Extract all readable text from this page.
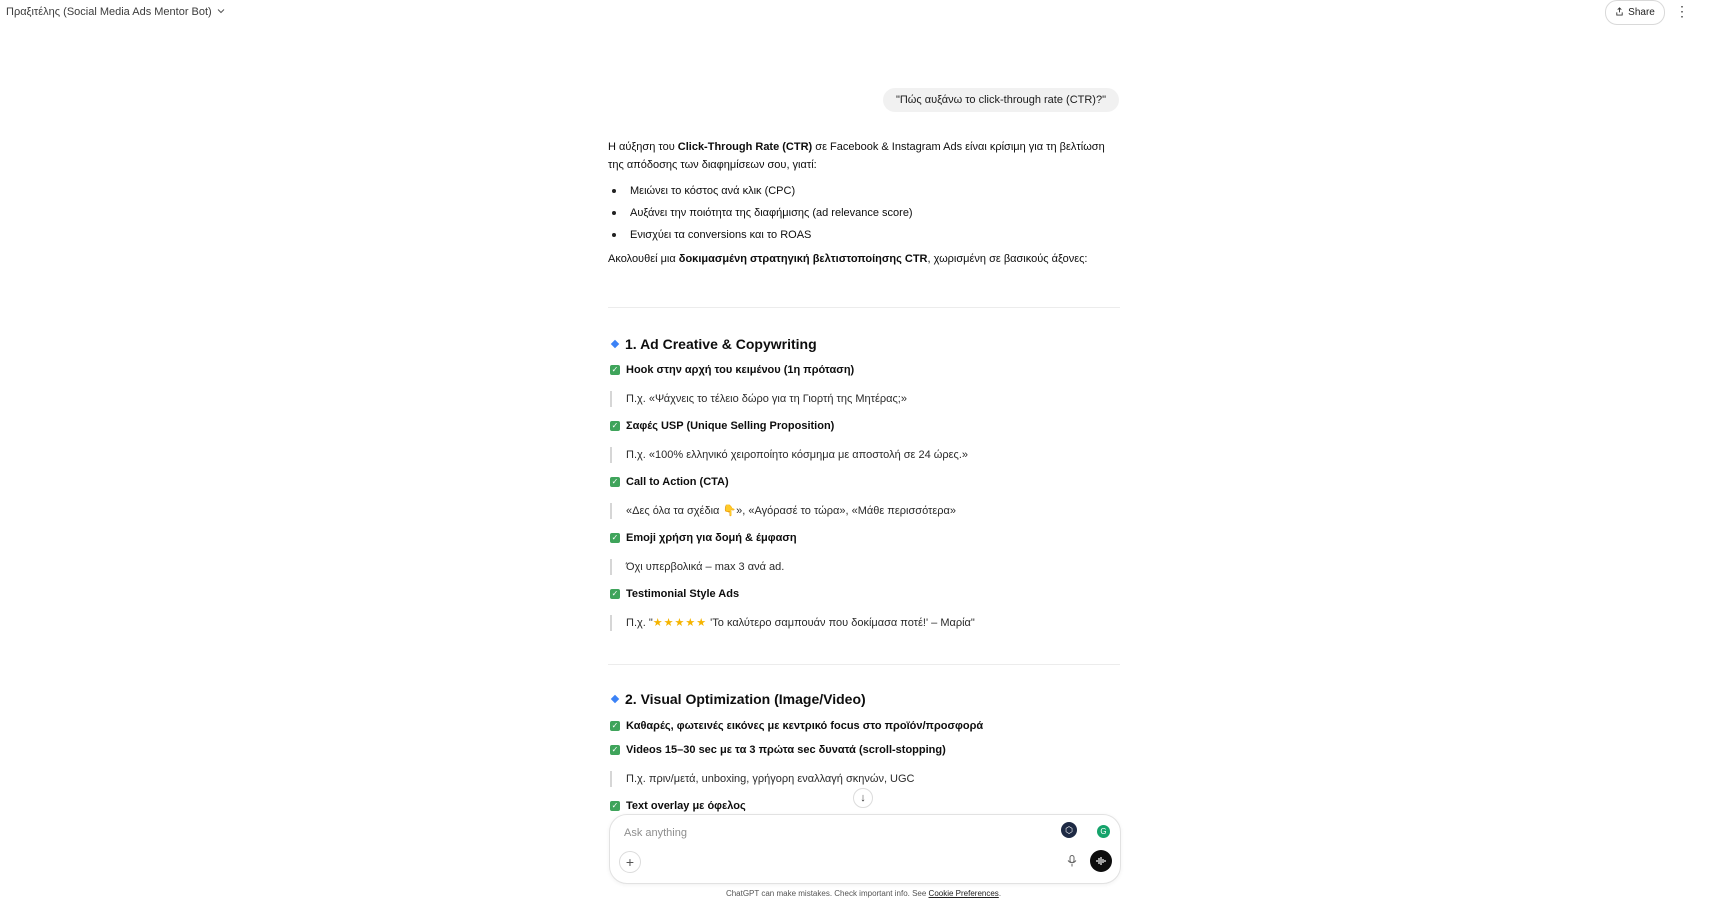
Πραξιτέλης (Social Media Ads Mentor Bot)	Share ⋮
"Πώς αυξάνω το click-through rate (CTR)?"

Η αύξηση του Click-Through Rate (CTR) σε Facebook & Instagram Ads είναι κρίσιμη για τη βελτίωση της απόδοσης των διαφημίσεων σου, γιατί:

Μειώνει το κόστος ανά κλικ (CPC)
Αυξάνει την ποιότητα της διαφήμισης (ad relevance score)
Ενισχύει τα conversions και το ROAS

Ακολουθεί μια δοκιμασμένη στρατηγική βελτιστοποίησης CTR, χωρισμένη σε βασικούς άξονες:

1. Ad Creative & Copywriting
✓ Hook στην αρχή του κειμένου (1η πρόταση)
Π.χ. «Ψάχνεις το τέλειο δώρο για τη Γιορτή της Μητέρας;»
✓ Σαφές USP (Unique Selling Proposition)
Π.χ. «100% ελληνικό χειροποίητο κόσμημα με αποστολή σε 24 ώρες.»
✓ Call to Action (CTA)
«Δες όλα τα σχέδια 👇», «Αγόρασέ το τώρα», «Μάθε περισσότερα»
✓ Emoji χρήση για δομή & έμφαση
Όχι υπερβολικά – max 3 ανά ad.
✓ Testimonial Style Ads
Π.χ. "★★★★★ 'Το καλύτερο σαμπουάν που δοκίμασα ποτέ!' – Μαρία"
2. Visual Optimization (Image/Video)
✓ Καθαρές, φωτεινές εικόνες με κεντρικό focus στο προϊόν/προσφορά
✓ Videos 15–30 sec με τα 3 πρώτα sec δυνατά (scroll-stopping)
Π.χ. πριν/μετά, unboxing, γρήγορη εναλλαγή σκηνών, UGC
✓ Text overlay με όφελος
↓
Ask anything
⬡	G
+
ChatGPT can make mistakes. Check important info. See Cookie Preferences.
